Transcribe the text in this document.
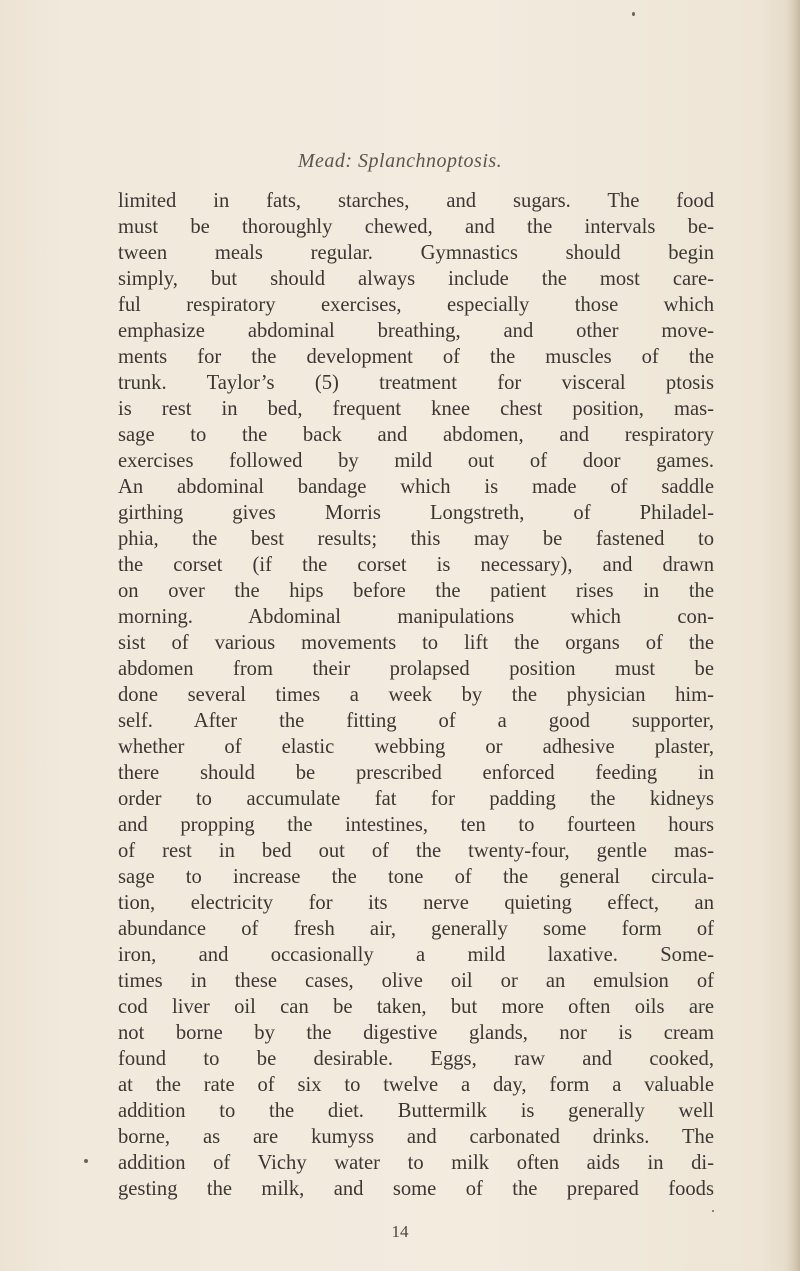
Mead: Splanchnoptosis.
limited in fats, starches, and sugars. The food
must be thoroughly chewed, and the intervals be-
tween meals regular. Gymnastics should begin
simply, but should always include the most care-
ful respiratory exercises, especially those which
emphasize abdominal breathing, and other move-
ments for the development of the muscles of the
trunk. Taylor’s (5) treatment for visceral ptosis
is rest in bed, frequent knee chest position, mas-
sage to the back and abdomen, and respiratory
exercises followed by mild out of door games.
An abdominal bandage which is made of saddle
girthing gives Morris Longstreth, of Philadel-
phia, the best results; this may be fastened to
the corset (if the corset is necessary), and drawn
on over the hips before the patient rises in the
morning. Abdominal manipulations which con-
sist of various movements to lift the organs of the
abdomen from their prolapsed position must be
done several times a week by the physician him-
self. After the fitting of a good supporter,
whether of elastic webbing or adhesive plaster,
there should be prescribed enforced feeding in
order to accumulate fat for padding the kidneys
and propping the intestines, ten to fourteen hours
of rest in bed out of the twenty-four, gentle mas-
sage to increase the tone of the general circula-
tion, electricity for its nerve quieting effect, an
abundance of fresh air, generally some form of
iron, and occasionally a mild laxative. Some-
times in these cases, olive oil or an emulsion of
cod liver oil can be taken, but more often oils are
not borne by the digestive glands, nor is cream
found to be desirable. Eggs, raw and cooked,
at the rate of six to twelve a day, form a valuable
addition to the diet. Buttermilk is generally well
borne, as are kumyss and carbonated drinks. The
addition of Vichy water to milk often aids in di-
gesting the milk, and some of the prepared foods
14
